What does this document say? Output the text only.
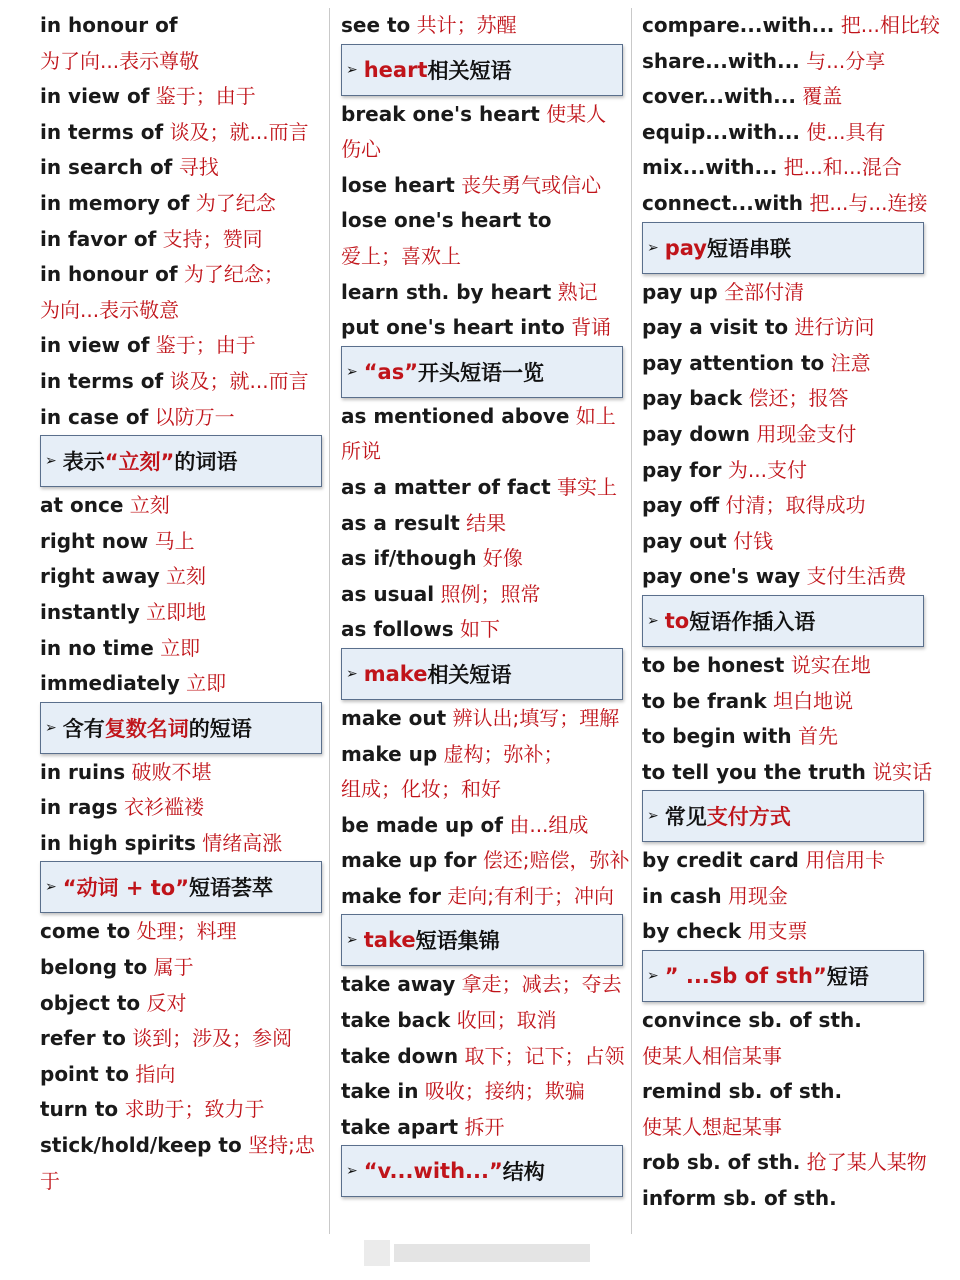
in honour of
为了向...表示尊敬
in view of 鉴于；由于
in terms of 谈及；就...而言
in search of 寻找
in memory of 为了纪念
in favor of 支持；赞同
in honour of 为了纪念；
为向...表示敬意
in view of 鉴于；由于
in terms of 谈及；就...而言
in case of 以防万一
➢ 表示 “立刻” 的词语
at once 立刻
right now 马上
right away 立刻
instantly 立即地
in no time 立即
immediately 立即
➢ 含有 复数名词 的短语
in ruins 破败不堪
in rags 衣衫褴褛
in high spirits 情绪高涨
➢ “动词 + to” 短语荟萃
come to 处理；料理
belong to 属于
object to 反对
refer to 谈到；涉及；参阅
point to 指向
turn to 求助于；致力于
stick/hold/keep to 坚持;忠于
see to 共计；苏醒
➢ heart 相关短语
break one's heart 使某人伤心
lose heart 丧失勇气或信心
lose one's heart to
爱上；喜欢上
learn sth. by heart 熟记
put one's heart into 背诵
➢ “as” 开头短语一览
as mentioned above 如上所说
as a matter of fact 事实上
as a result 结果
as if/though 好像
as usual 照例；照常
as follows 如下
➢ make 相关短语
make out 辨认出;填写；理解
make up 虚构；弥补；
组成；化妆；和好
be made up of 由...组成
make up for 偿还;赔偿，弥补
make for 走向;有利于；冲向
➢ take 短语集锦
take away 拿走；减去；夺去
take back 收回；取消
take down 取下；记下；占领
take in 吸收；接纳；欺骗
take apart 拆开
➢ “v...with...” 结构
compare...with... 把...相比较
share...with... 与...分享
cover...with... 覆盖
equip...with... 使...具有
mix...with... 把...和...混合
connect...with 把...与...连接
➢ pay 短语串联
pay up 全部付清
pay a visit to 进行访问
pay attention to 注意
pay back 偿还；报答
pay down 用现金支付
pay for 为...支付
pay off 付清；取得成功
pay out 付钱
pay one's way 支付生活费
➢ to 短语作插入语
to be honest 说实在地
to be frank 坦白地说
to begin with 首先
to tell you the truth 说实话
➢ 常见 支付方式
by credit card 用信用卡
in cash 用现金
by check 用支票
➢ ” ...sb of sth” 短语
convince sb. of sth.
使某人相信某事
remind sb. of sth.
使某人想起某事
rob sb. of sth. 抢了某人某物
inform sb. of sth.
